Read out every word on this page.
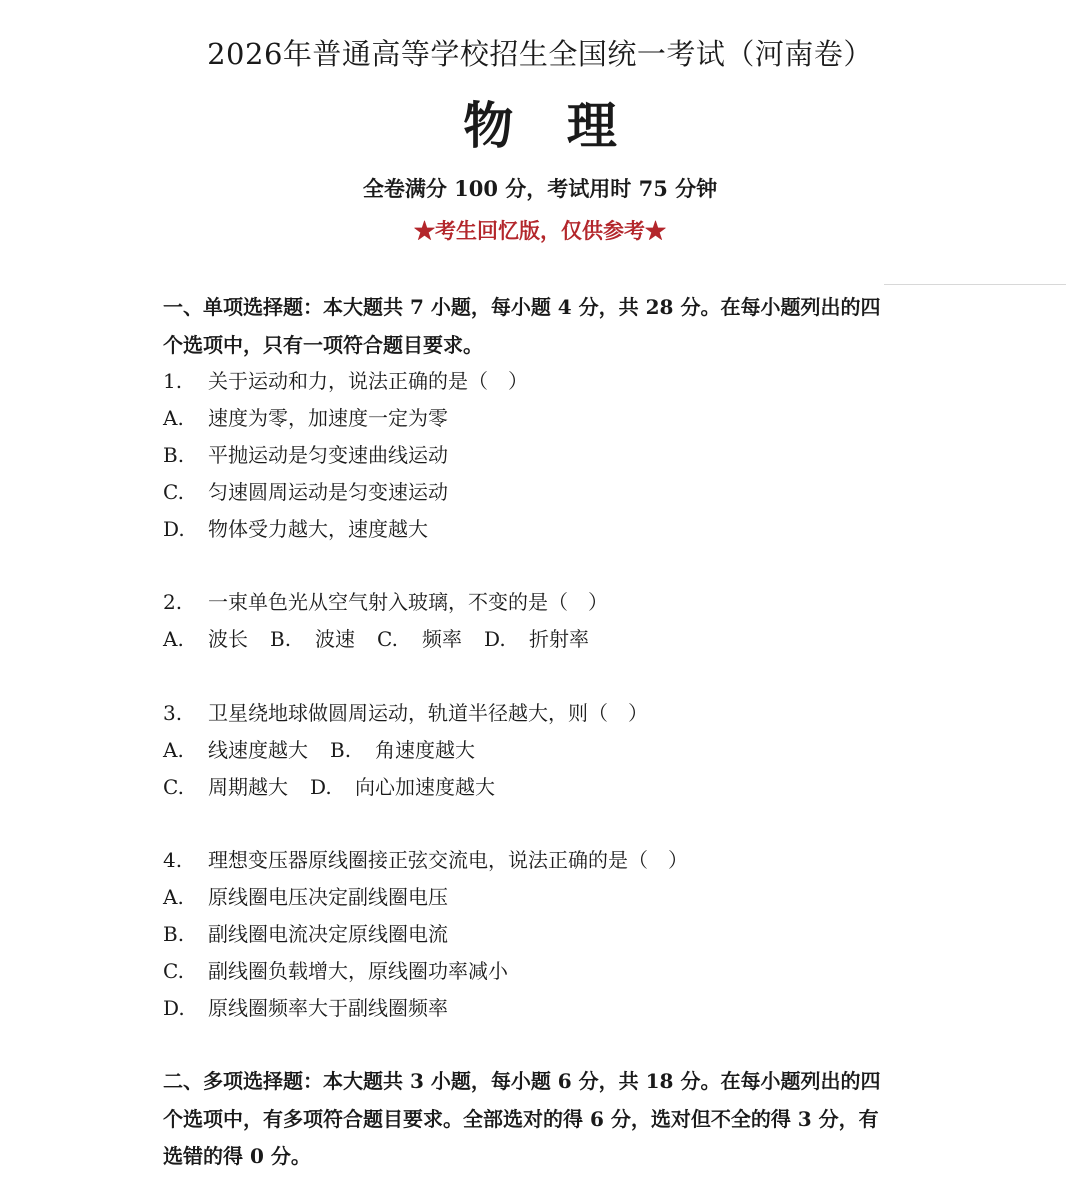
2026年普通高等学校招生全国统一考试（河南卷）
物 理
全卷满分 100 分，考试用时 75 分钟
★考生回忆版，仅供参考★
一、单项选择题：本大题共 7 小题，每小题 4 分，共 28 分。在每小题列出的四
个选项中，只有一项符合题目要求。
1. 关于运动和力，说法正确的是（　）
A. 速度为零，加速度一定为零
B. 平抛运动是匀变速曲线运动
C. 匀速圆周运动是匀变速运动
D. 物体受力越大，速度越大
2. 一束单色光从空气射入玻璃，不变的是（　）
A. 波长 B. 波速 C. 频率 D. 折射率
3. 卫星绕地球做圆周运动，轨道半径越大，则（　）
A. 线速度越大 B. 角速度越大
C. 周期越大 D. 向心加速度越大
4. 理想变压器原线圈接正弦交流电，说法正确的是（　）
A. 原线圈电压决定副线圈电压
B. 副线圈电流决定原线圈电流
C. 副线圈负载增大，原线圈功率减小
D. 原线圈频率大于副线圈频率
二、多项选择题：本大题共 3 小题，每小题 6 分，共 18 分。在每小题列出的四
个选项中，有多项符合题目要求。全部选对的得 6 分，选对但不全的得 3 分，有
选错的得 0 分。
